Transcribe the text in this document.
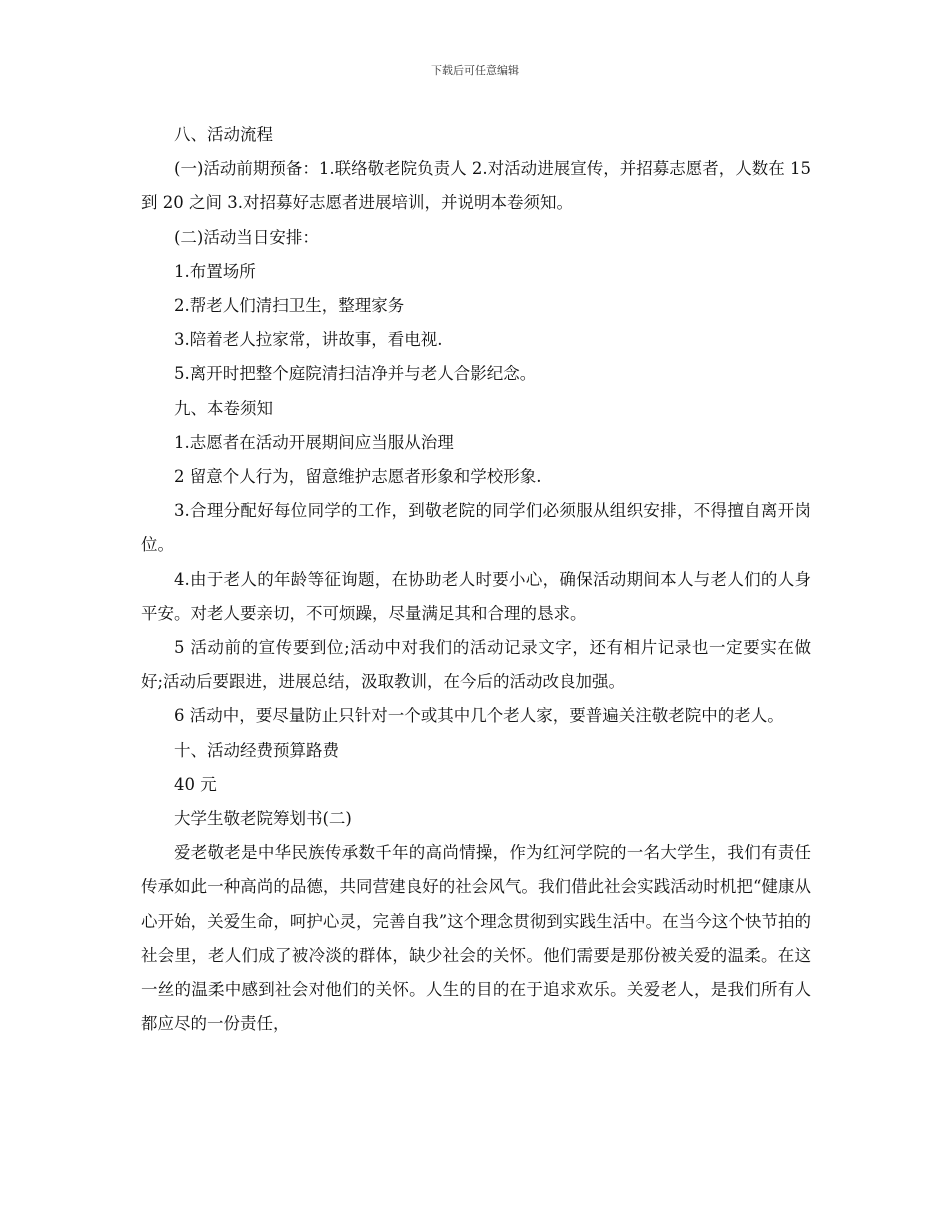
下载后可任意编辑

八、活动流程

(一)活动前期预备：1.联络敬老院负责人 2.对活动进展宣传，并招募志愿者，人数在 15 到 20 之间 3.对招募好志愿者进展培训，并说明本卷须知。

(二)活动当日安排：

1.布置场所

2.帮老人们清扫卫生，整理家务

3.陪着老人拉家常，讲故事，看电视.

5.离开时把整个庭院清扫洁净并与老人合影纪念。

九、本卷须知

1.志愿者在活动开展期间应当服从治理

2 留意个人行为，留意维护志愿者形象和学校形象.

3.合理分配好每位同学的工作，到敬老院的同学们必须服从组织安排，不得擅自离开岗位。

4.由于老人的年龄等征询题，在协助老人时要小心，确保活动期间本人与老人们的人身平安。对老人要亲切，不可烦躁，尽量满足其和合理的恳求。

5 活动前的宣传要到位;活动中对我们的活动记录文字，还有相片记录也一定要实在做好;活动后要跟进，进展总结，汲取教训，在今后的活动改良加强。

6 活动中，要尽量防止只针对一个或其中几个老人家，要普遍关注敬老院中的老人。

十、活动经费预算路费

40 元

大学生敬老院筹划书(二)

爱老敬老是中华民族传承数千年的高尚情操，作为红河学院的一名大学生，我们有责任传承如此一种高尚的品德，共同营建良好的社会风气。我们借此社会实践活动时机把“健康从心开始，关爱生命，呵护心灵，完善自我”这个理念贯彻到实践生活中。在当今这个快节拍的社会里，老人们成了被冷淡的群体，缺少社会的关怀。他们需要是那份被关爱的温柔。在这一丝的温柔中感到社会对他们的关怀。人生的目的在于追求欢乐。关爱老人，是我们所有人都应尽的一份责任，
